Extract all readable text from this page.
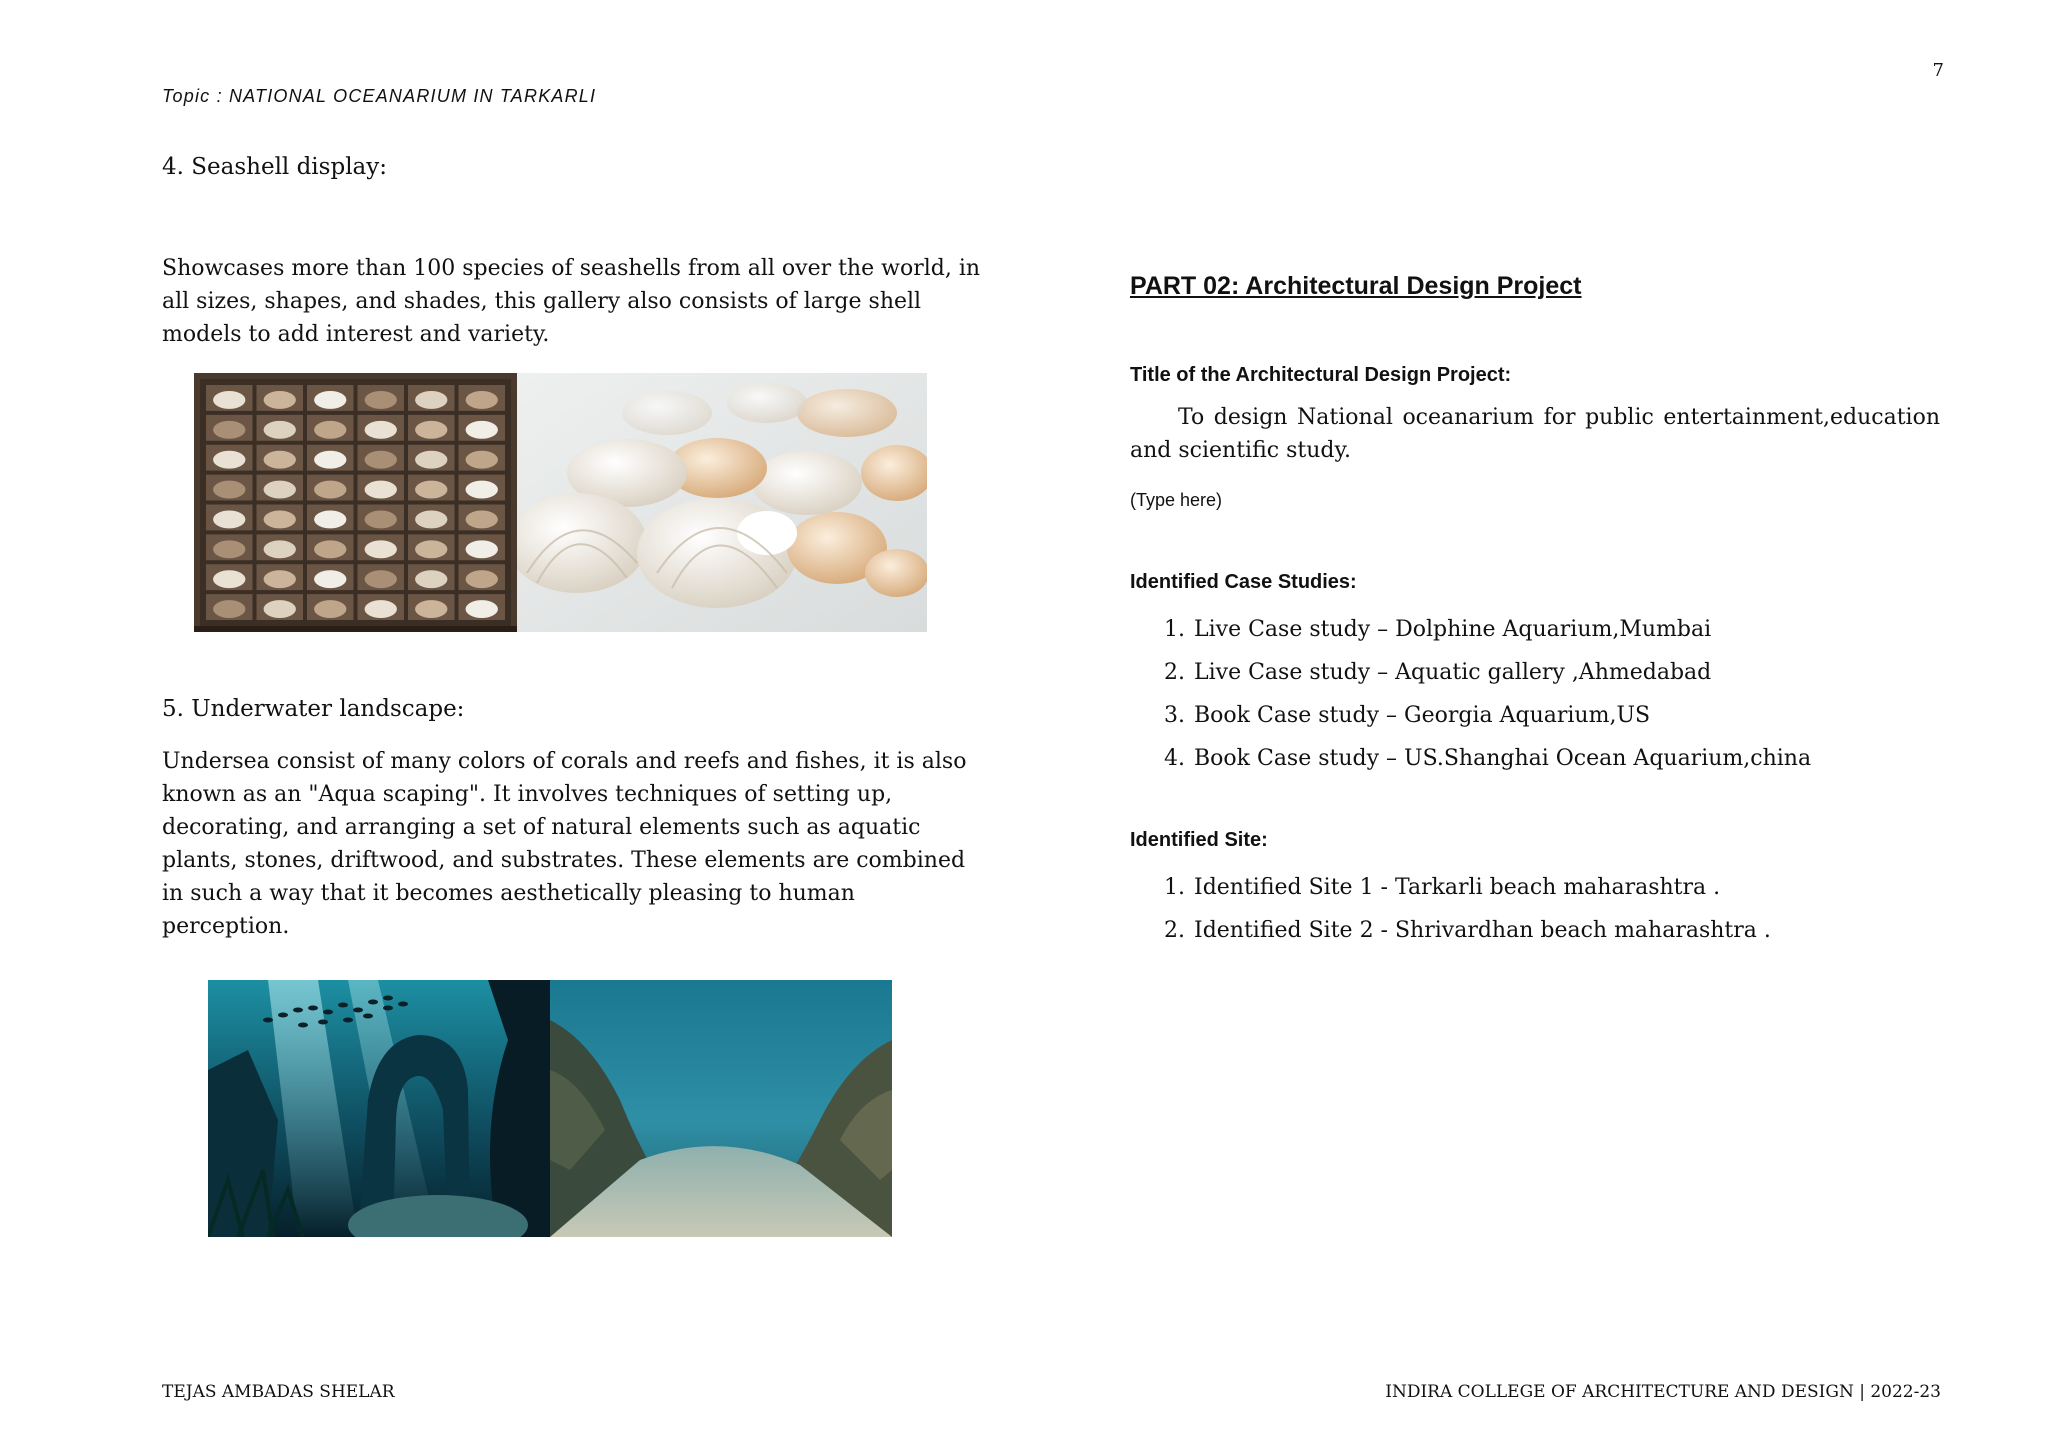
7
Topic : NATIONAL OCEANARIUM IN TARKARLI
4. Seashell display:

Showcases more than 100 species of seashells from all over the world, in all sizes, shapes, and shades, this gallery also consists of large shell models to add interest and variety.

5. Underwater landscape:

Undersea consist of many colors of corals and reefs and fishes, it is also known as an "Aqua scaping". It involves techniques of setting up, decorating, and arranging a set of natural elements such as aquatic plants, stones, driftwood, and substrates. These elements are combined in such a way that it becomes aesthetically pleasing to human perception.

PART 02: Architectural Design Project
Title of the Architectural Design Project:

To design National oceanarium for public entertainment,education and scientific study.

(Type here)
Identified Case Studies:
1. Live Case study – Dolphine Aquarium,Mumbai
2. Live Case study – Aquatic gallery ,Ahmedabad
3. Book Case study – Georgia Aquarium,US
4. Book Case study – US.Shanghai Ocean Aquarium,china
Identified Site:
1. Identified Site 1 - Tarkarli beach maharashtra .
2. Identified Site 2 - Shrivardhan beach maharashtra .
TEJAS AMBADAS SHELAR	INDIRA COLLEGE OF ARCHITECTURE AND DESIGN | 2022-23
